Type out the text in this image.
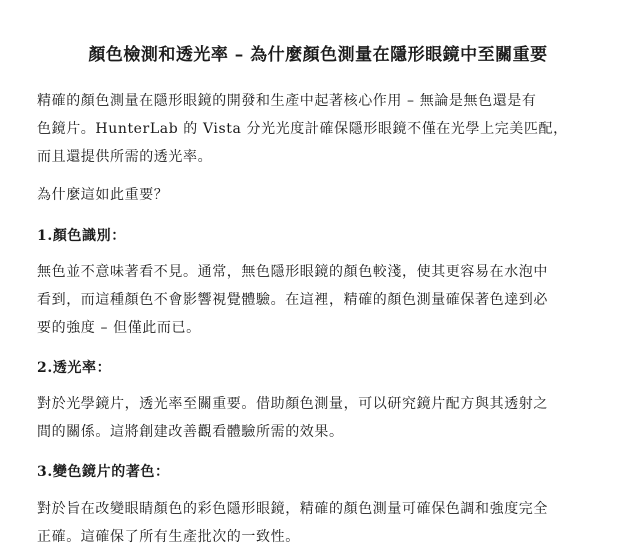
顏色檢測和透光率 – 為什麼顏色測量在隱形眼鏡中至關重要
精確的顏色測量在隱形眼鏡的開發和生產中起著核心作用 – 無論是無色還是有
色鏡片。HunterLab 的 Vista 分光光度計確保隱形眼鏡不僅在光學上完美匹配，
而且還提供所需的透光率。
為什麼這如此重要？
1.顏色識別：
無色並不意味著看不見。通常，無色隱形眼鏡的顏色較淺，使其更容易在水泡中
看到，而這種顏色不會影響視覺體驗。在這裡，精確的顏色測量確保著色達到必
要的強度 – 但僅此而已。
2.透光率：
對於光學鏡片，透光率至關重要。借助顏色測量，可以研究鏡片配方與其透射之
間的關係。這將創建改善觀看體驗所需的效果。
3.變色鏡片的著色：
對於旨在改變眼睛顏色的彩色隱形眼鏡，精確的顏色測量可確保色調和強度完全
正確。這確保了所有生產批次的一致性。
